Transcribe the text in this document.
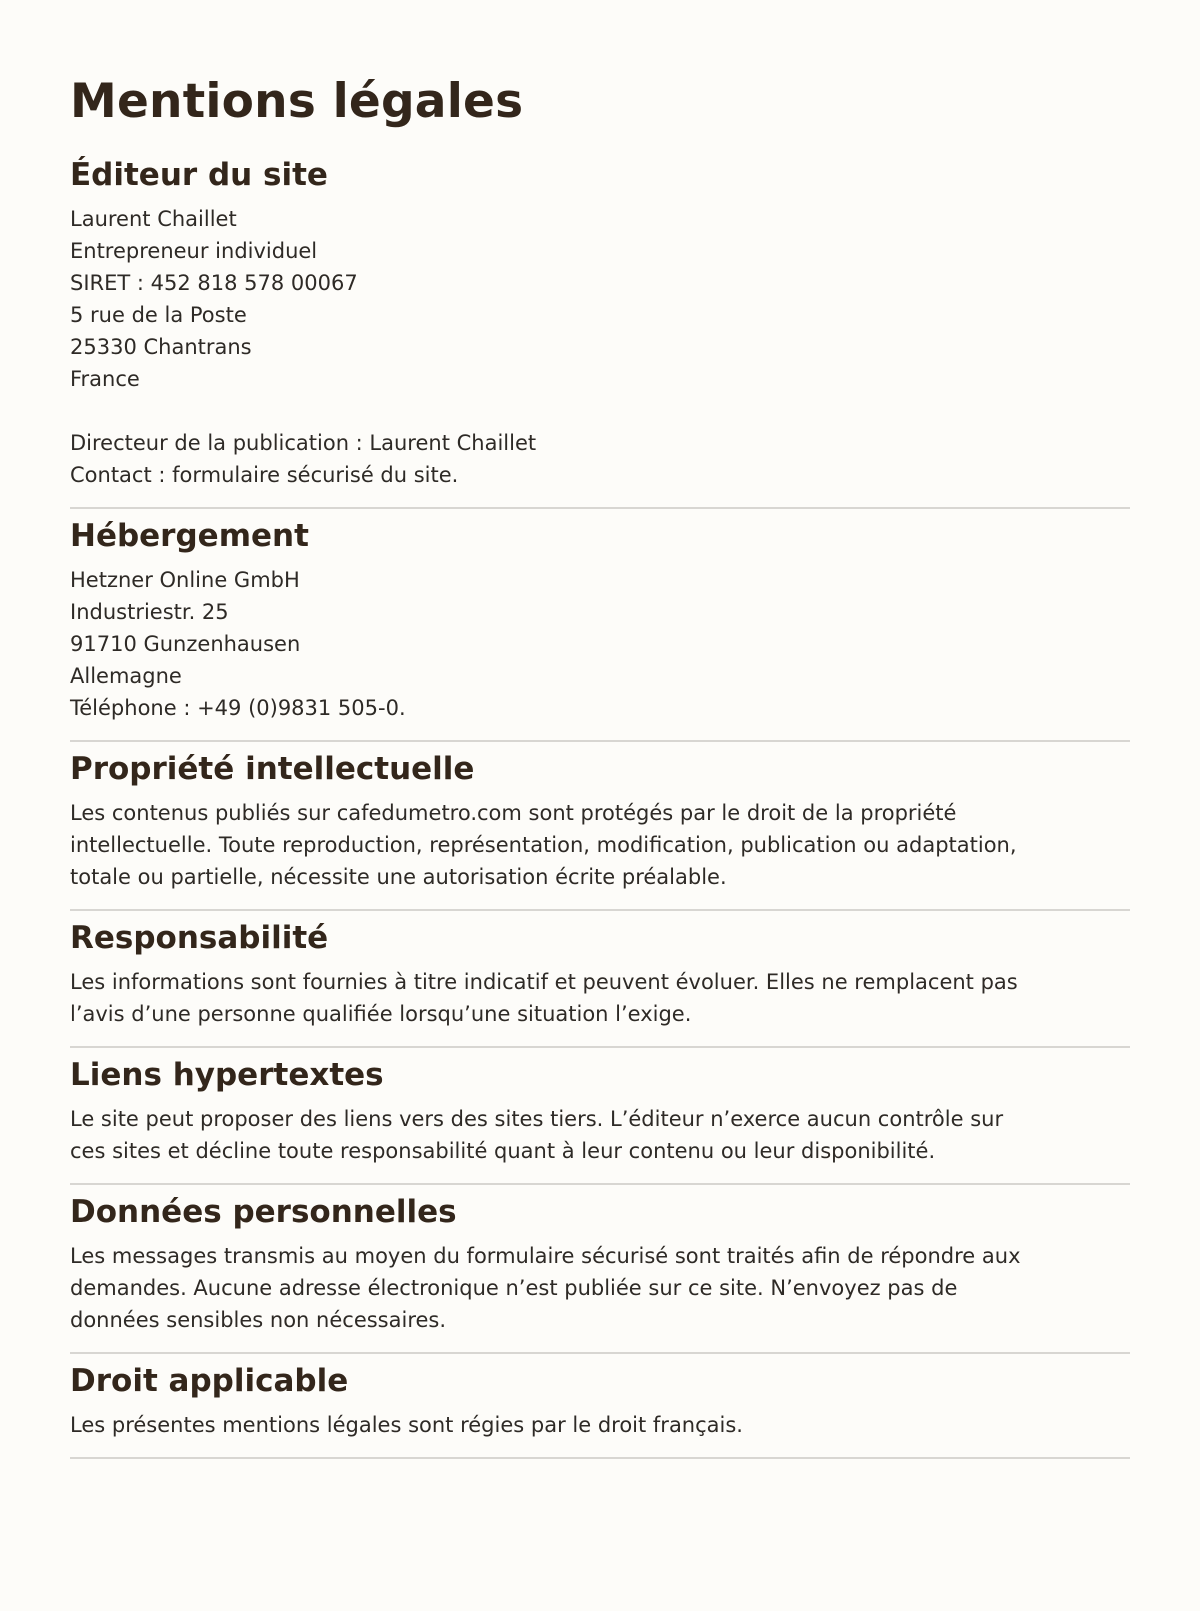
Mentions légales
Éditeur du site
Laurent Chaillet
Entrepreneur individuel
SIRET : 452 818 578 00067
5 rue de la Poste
25330 Chantrans
France
Directeur de la publication : Laurent Chaillet
Contact : formulaire sécurisé du site.
Hébergement
Hetzner Online GmbH
Industriestr. 25
91710 Gunzenhausen
Allemagne
Téléphone : +49 (0)9831 505-0.
Propriété intellectuelle

Les contenus publiés sur cafedumetro.com sont protégés par le droit de la propriété intellectuelle. Toute reproduction, représentation, modification, publication ou adaptation, totale ou partielle, nécessite une autorisation écrite préalable.

Responsabilité

Les informations sont fournies à titre indicatif et peuvent évoluer. Elles ne remplacent pas l’avis d’une personne qualifiée lorsqu’une situation l’exige.

Liens hypertextes

Le site peut proposer des liens vers des sites tiers. L’éditeur n’exerce aucun contrôle sur ces sites et décline toute responsabilité quant à leur contenu ou leur disponibilité.

Données personnelles

Les messages transmis au moyen du formulaire sécurisé sont traités afin de répondre aux demandes. Aucune adresse électronique n’est publiée sur ce site. N’envoyez pas de données sensibles non nécessaires.

Droit applicable

Les présentes mentions légales sont régies par le droit français.
